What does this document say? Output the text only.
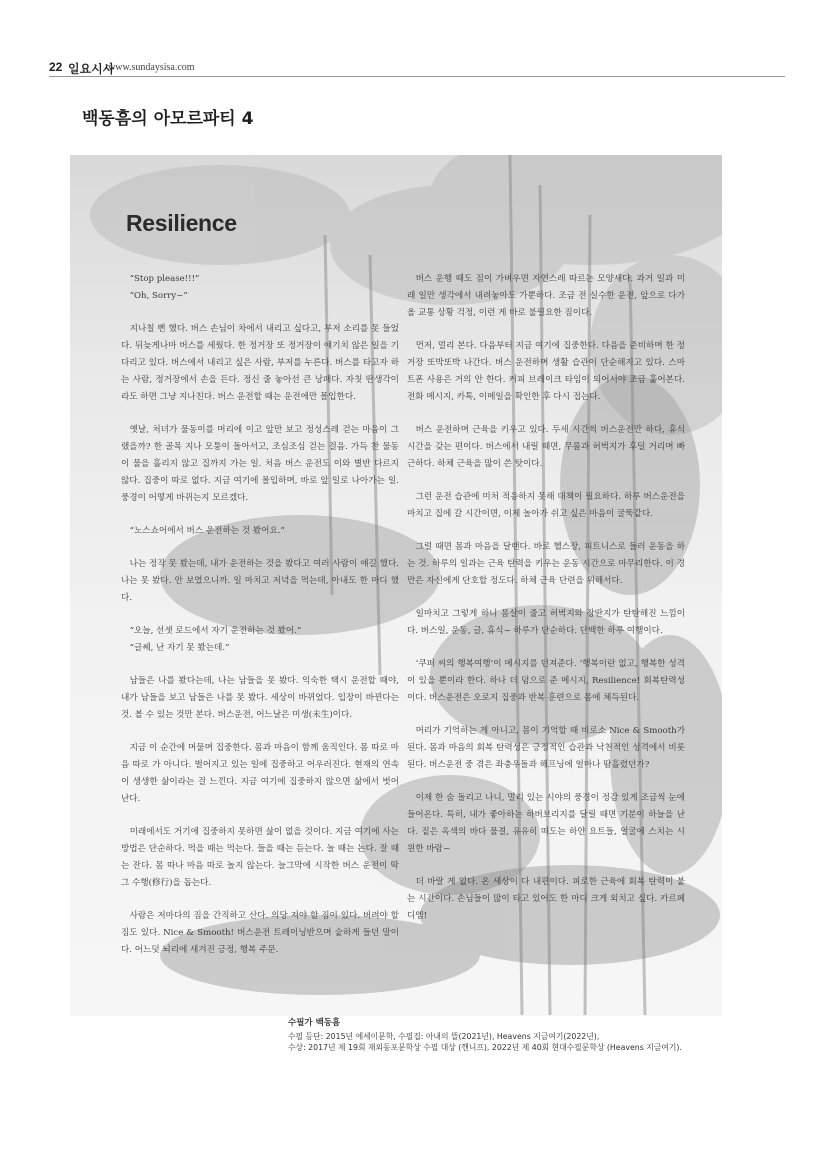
22 일요시사
www.sundaysisa.com
백동흠의 아모르파티 4
Resilience

“Stop please!!!”

“Oh, Sorry~”

지나칠 뻔 했다. 버스 손님이 차에서 내리고 싶다고, 부저 소리를 못 들었다. 뒤늦게나마 버스를 세웠다. 한 정거장 또 정거장이 얘기치 않은 일을 기다리고 있다. 버스에서 내리고 싶은 사람, 부저를 누른다. 버스를 타고자 하는 사람, 정거장에서 손을 든다. 정신 줄 놓아선 큰 낭패다. 자칫 딴생각이라도 하면 그냥 지나친다. 버스 운전할 때는 운전에만 몰입한다.

옛날, 처녀가 물동이를 머리에 이고 앞만 보고 정성스레 걷는 마음이 그랬을까? 한 골목 지나 모퉁이 돌아서고, 조심조심 걷는 걸음. 가득 찬 물동이 물을 흘리지 않고 집까지 가는 일. 처음 버스 운전도 이와 별반 다르지 않다. 집중이 따로 없다. 지금 여기에 몰입하며, 바로 앞 일로 나아가는 일. 풍경이 어떻게 바뀌는지 모르겠다.

“노스쇼어에서 버스 운전하는 것 봤어요.”

나는 정작 못 봤는데, 내가 운전하는 것을 봤다고 여러 사람이 얘길 했다. 나는 못 봤다. 안 보였으니까. 일 마치고 저녁을 먹는데, 아내도 한 마디 했다.

“오늘, 선셋 로드에서 자기 운전하는 것 봤어.”

“글쎄, 난 자기 못 봤는데.”

남들은 나를 봤다는데, 나는 남들을 못 봤다. 익숙한 택시 운전할 때야, 내가 남들을 보고 남들은 나를 못 봤다. 세상이 바뀌었다. 입장이 바뀐다는 것. 볼 수 있는 것만 본다. 버스운전, 어느날은 미생(未生)이다.

지금 이 순간에 머물며 집중한다. 몸과 마음이 함께 움직인다. 몸 따로 마음 따로 가 아니다. 벌어지고 있는 일에 집중하고 어우러진다. 현재의 연속이 생생한 삶이라는 걸 느낀다. 지금 여기에 집중하지 않으면 삶에서 벗어난다.

미래에서도 거기에 집중하지 못하면 삶이 없을 것이다. 지금 여기에 사는 방법은 단순하다. 먹을 때는 먹는다. 들을 때는 듣는다. 놀 때는 논다. 잘 때는 잔다. 몸 따나 마음 따로 놀지 않는다. 늘그막에 시작한 버스 운전이 딱 그 수행(修行)을 돕는다.

사람은 저마다의 짐을 간직하고 산다. 의당 져야 할 짐이 있다. 버려야 할 짐도 있다. Nice & Smooth! 버스운전 트레이닝반으며 숱하게 들던 말이다. 어느덧 뇌리에 새겨진 긍정, 행복 주문.

버스 운행 때도 짐이 가벼우면 자연스레 따르는 모양새다. 과거 일과 미래 일만 생각에서 내려놓아도 가뿐하다. 조금 전 실수한 운전, 앞으로 다가올 교통 상황 걱정, 이런 게 바로 불필요한 짐이다.

먼저, 멀리 본다. 다음부터 지금 여기에 집중한다. 다음을 준비하며 한 정거장 또박또박 나간다. 버스 운전하며 생활 습관이 단순해지고 있다. 스마트폰 사용은 거의 안 한다. 커피 브레이크 타임이 되어서야 조금 훑어본다. 전화 메시지, 카톡, 이메일을 확인한 후 다시 접는다.

버스 운전하며 근육을 키우고 있다. 두세 시간씩 버스운전만 하다, 휴식 시간을 갖는 편이다. 버스에서 내릴 때면, 무릎과 허벅지가 후덜 거리며 빠근하다. 하체 근육을 많이 쓴 탓이다.

그런 운전 습관에 미처 적응하지 못해 대책이 필요하다. 하루 버스운전을 마치고 집에 갈 시간이면, 이제 놀아가 쉬고 싶은 마음이 굴뚝같다.

그럴 때면 몸과 마음을 달랜다. 바로 헬스장, 피트니스로 들러 운동을 하는 것. 하루의 일과는 근육 탄력을 키우는 운동 시간으로 마무리한다. 이 경만은 자신에게 단호할 정도다. 하체 근육 단련을 위해서다.

일마치고 그렇게 하니 몸살이 줄고 허벅지와 장딴지가 탄탄해진 느낌이다. 버스일, 운동, 글, 휴식~ 하루가 단순하다. 단백한 하루 여행이다.

‘쿠퍼 씨의 행복여행’이 메시지를 던져준다. ‘행복이란 없고, 행복한 성격이 있을 뿐이라 한다. 하나 더 덤으로 준 메시지, Resilience! 회복탄력성이다. 버스운전은 오로지 집중과 반복 훈련으로 몸에 체득된다.

머리가 기억하는 게 아니고, 몸이 기억할 때 비로소 Nice & Smooth가 된다. 몸과 마음의 회복 탄력성은 긍정적인 습관과 낙천적인 성격에서 비롯된다. 버스운전 중 겪은 좌충우돌과 해프닝에 얼마나 땀흘렸던가?

이제 한 숨 돌리고 나니, 멀리 있는 시야의 풍경이 정감 있게 조금씩 눈에 들어온다. 특히, 내가 좋아하는 하버브리지를 달릴 때면 기분이 하늘을 난다. 짙은 옥색의 바다 물결, 유유히 떠도는 하얀 요트들, 얼굴에 스치는 시원한 바람~

더 바랄 게 없다. 온 세상이 다 내편이다. 피로한 근육에 회복 탄력이 붙는 시간이다. 손님들이 많이 타고 있어도 한 마디 크게 외치고 싶다. 카르페디엠!

수필가 백동흠
수필 등단: 2015년 에세이문학, 수필집: 아내의 뜰(2021년), Heavens 지금여기(2022년),
수상: 2017년 제 19회 재외동포문학상 수필 대상 (깬니프), 2022년 제 40회 현대수필문학상 (Heavens 지금여기).
